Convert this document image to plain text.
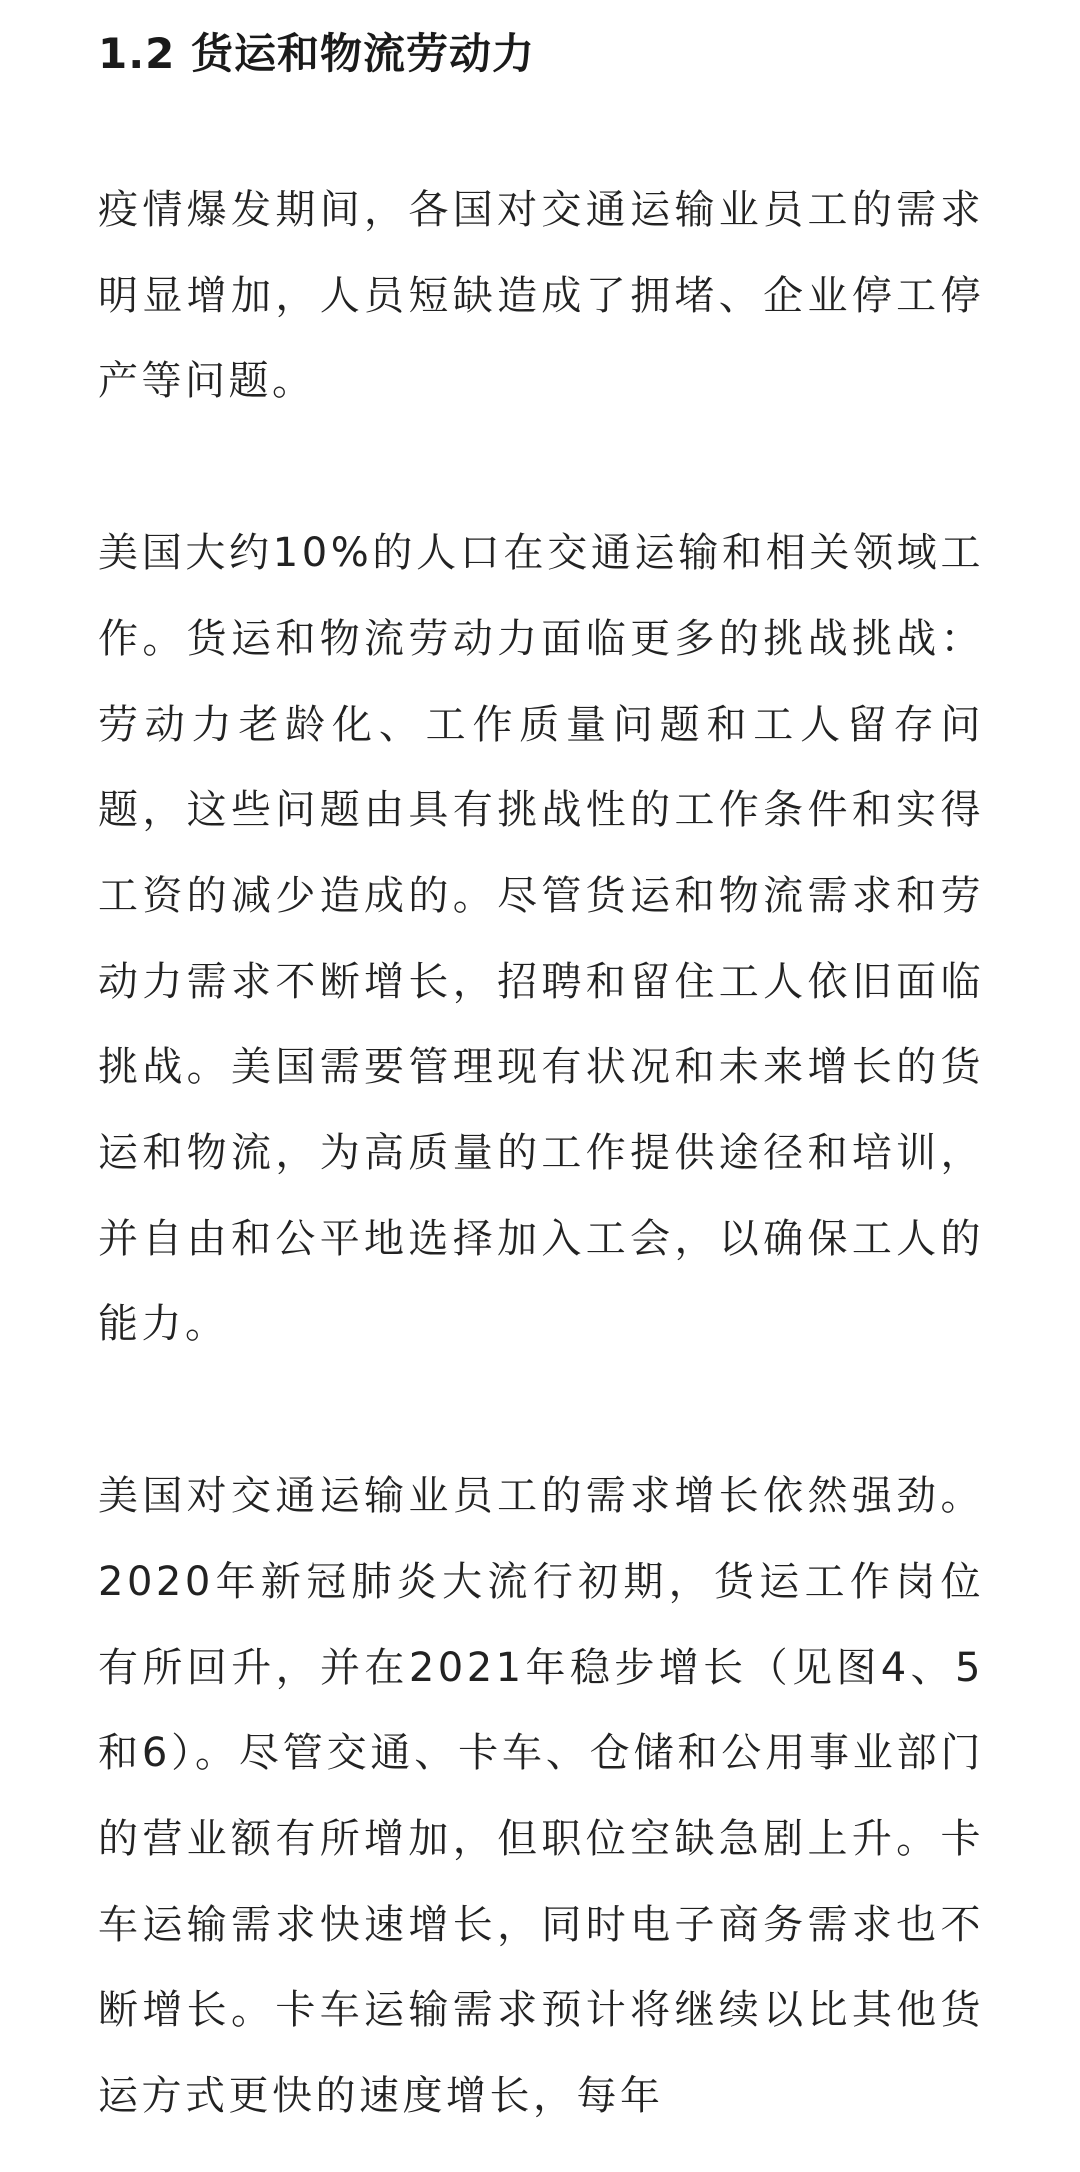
1.2 货运和物流劳动力

疫情爆发期间，各国对交通运输业员工的需求明显增加，人员短缺造成了拥堵、企业停工停产等问题。

美国大约10%的人口在交通运输和相关领域工作。货运和物流劳动力面临更多的挑战挑战：劳动力老龄化、工作质量问题和工人留存问题，这些问题由具有挑战性的工作条件和实得工资的减少造成的。尽管货运和物流需求和劳动力需求不断增长，招聘和留住工人依旧面临挑战。美国需要管理现有状况和未来增长的货运和物流，为高质量的工作提供途径和培训，并自由和公平地选择加入工会，以确保工人的能力。

美国对交通运输业员工的需求增长依然强劲。2020年新冠肺炎大流行初期，货运工作岗位有所回升，并在2021年稳步增长（见图4、5和6）。尽管交通、卡车、仓储和公用事业部门的营业额有所增加，但职位空缺急剧上升。卡车运输需求快速增长，同时电子商务需求也不断增长。卡车运输需求预计将继续以比其他货运方式更快的速度增长，每年
